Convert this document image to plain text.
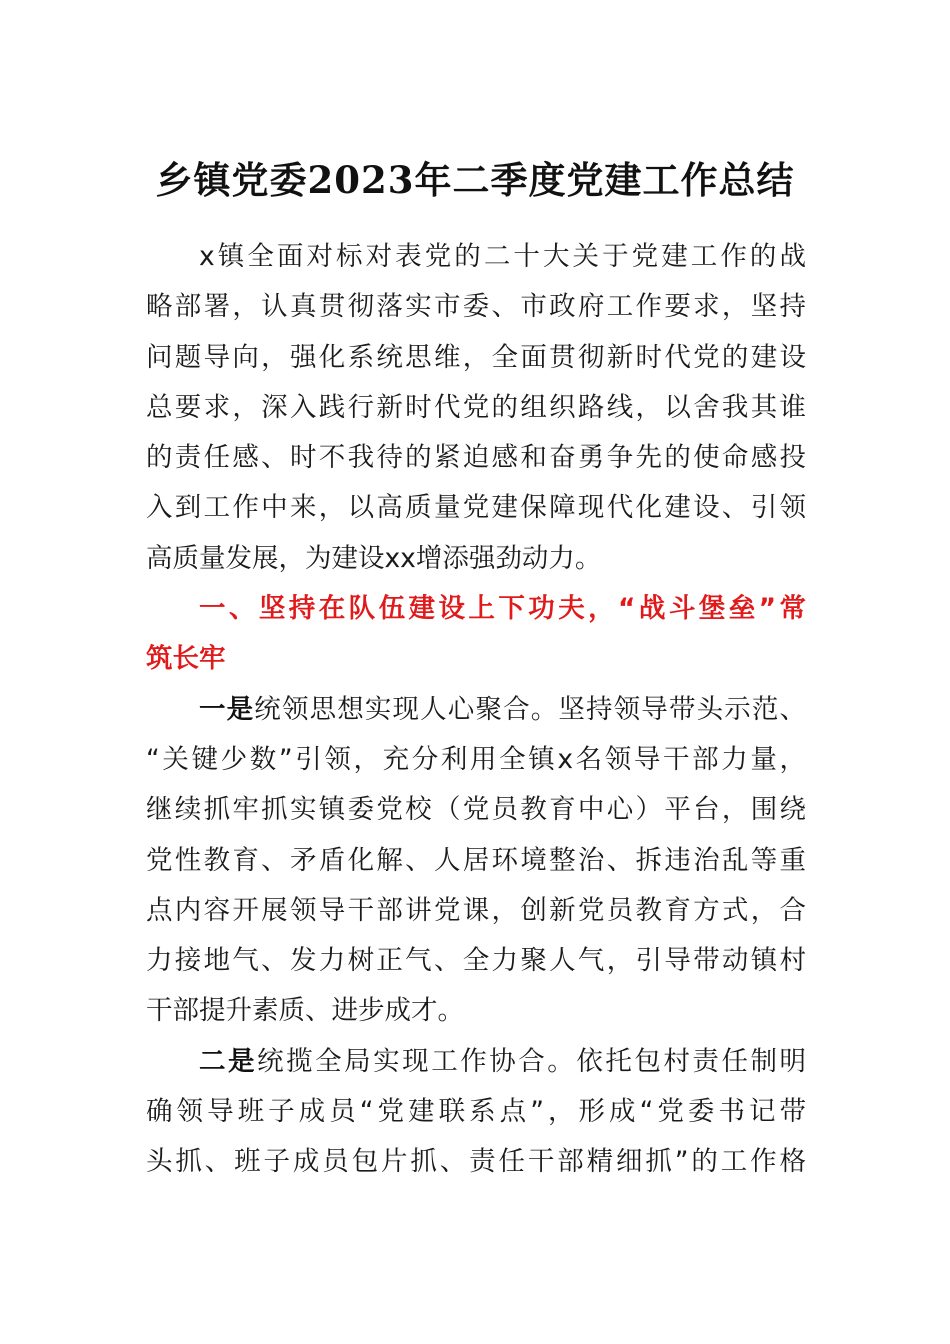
乡镇党委2023年二季度党建工作总结
x镇全面对标对表党的二十大关于党建工作的战
略部署，认真贯彻落实市委、市政府工作要求，坚持
问题导向，强化系统思维，全面贯彻新时代党的建设
总要求，深入践行新时代党的组织路线，以舍我其谁
的责任感、时不我待的紧迫感和奋勇争先的使命感投
入到工作中来，以高质量党建保障现代化建设、引领
高质量发展，为建设xx增添强劲动力。
一、坚持在队伍建设上下功夫，“战斗堡垒”常
筑长牢
一是统领思想实现人心聚合。坚持领导带头示范、
“关键少数”引领，充分利用全镇x名领导干部力量，
继续抓牢抓实镇委党校（党员教育中心）平台，围绕
党性教育、矛盾化解、人居环境整治、拆违治乱等重
点内容开展领导干部讲党课，创新党员教育方式，合
力接地气、发力树正气、全力聚人气，引导带动镇村
干部提升素质、进步成才。
二是统揽全局实现工作协合。依托包村责任制明
确领导班子成员“党建联系点”，形成“党委书记带
头抓、班子成员包片抓、责任干部精细抓”的工作格
